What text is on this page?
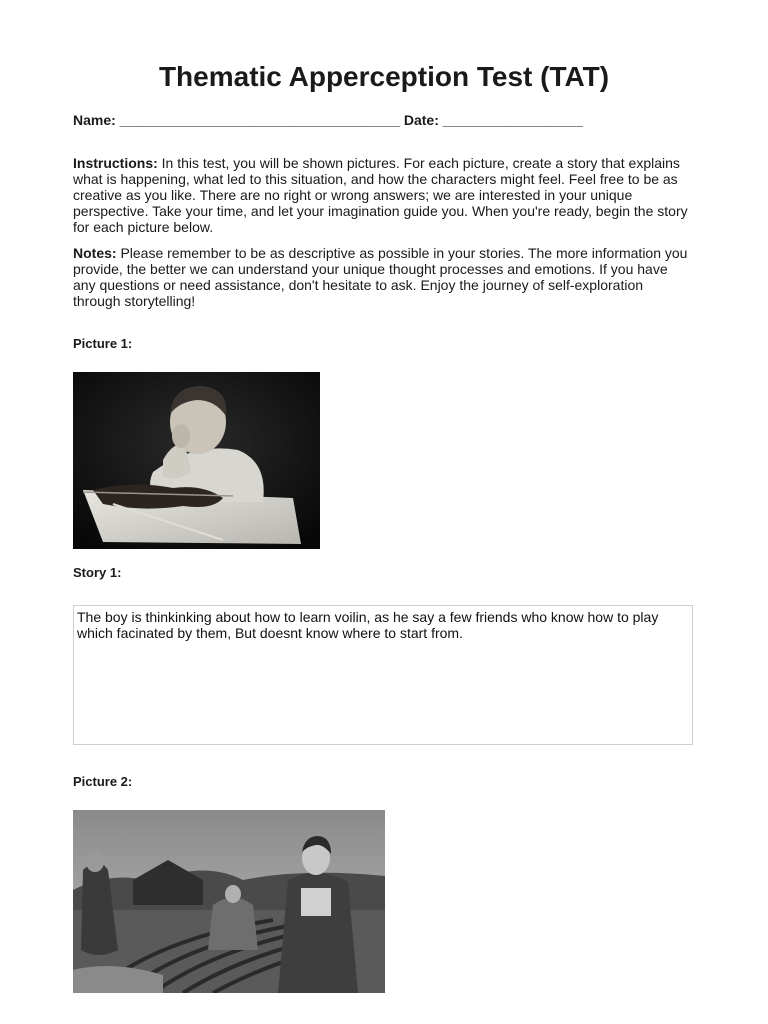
Thematic Apperception Test (TAT)
Name: ____________________________________ Date: __________________
Instructions: In this test, you will be shown pictures. For each picture, create a story that explains what is happening, what led to this situation, and how the characters might feel. Feel free to be as creative as you like. There are no right or wrong answers; we are interested in your unique perspective. Take your time, and let your imagination guide you. When you're ready, begin the story for each picture below.
Notes: Please remember to be as descriptive as possible in your stories. The more information you provide, the better we can understand your unique thought processes and emotions. If you have any questions or need assistance, don't hesitate to ask. Enjoy the journey of self-exploration through storytelling!
Picture 1:
Story 1:
The boy is thinkinking about how to learn voilin, as he say a few friends who know how to play which facinated by them, But doesnt know where to start from.
Picture 2:
